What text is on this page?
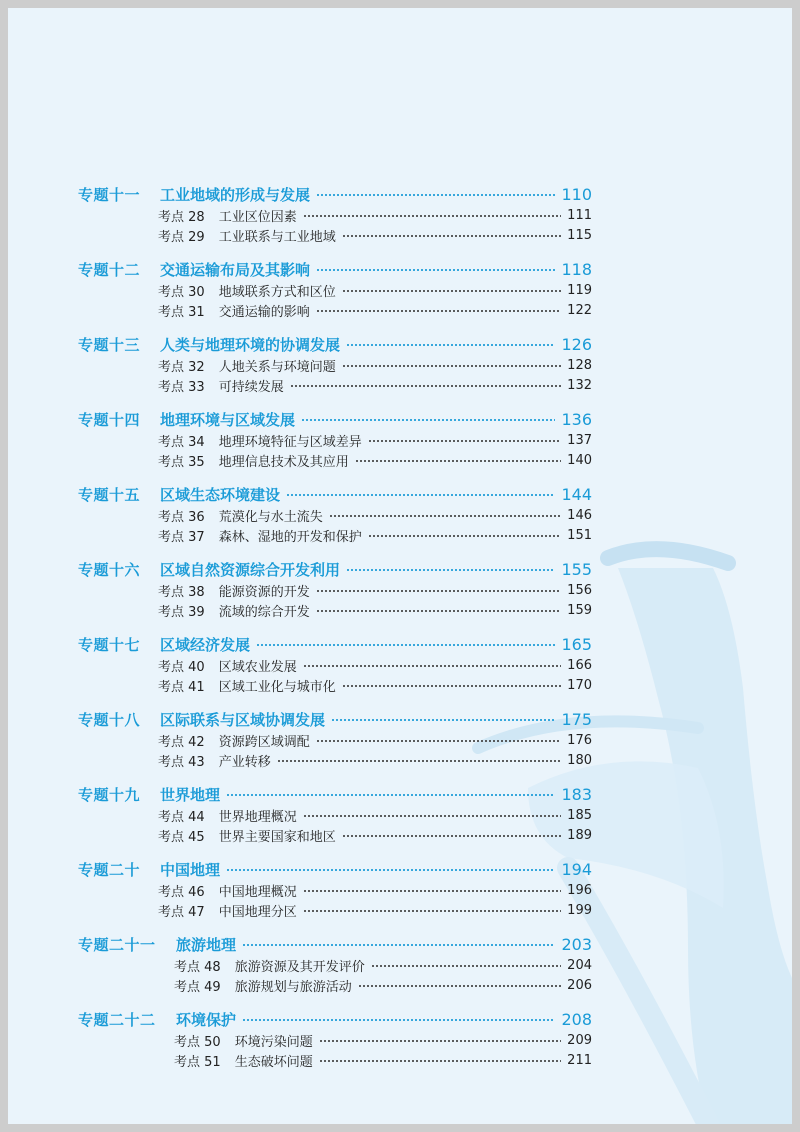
专题十一 工业地域的形成与发展	110
考点 28 工业区位因素	111
考点 29 工业联系与工业地域	115
专题十二 交通运输布局及其影响	118
考点 30 地域联系方式和区位	119
考点 31 交通运输的影响	122
专题十三 人类与地理环境的协调发展	126
考点 32 人地关系与环境问题	128
考点 33 可持续发展	132
专题十四 地理环境与区域发展	136
考点 34 地理环境特征与区域差异	137
考点 35 地理信息技术及其应用	140
专题十五 区域生态环境建设	144
考点 36 荒漠化与水土流失	146
考点 37 森林、湿地的开发和保护	151
专题十六 区域自然资源综合开发利用	155
考点 38 能源资源的开发	156
考点 39 流域的综合开发	159
专题十七 区域经济发展	165
考点 40 区域农业发展	166
考点 41 区域工业化与城市化	170
专题十八 区际联系与区域协调发展	175
考点 42 资源跨区域调配	176
考点 43 产业转移	180
专题十九 世界地理	183
考点 44 世界地理概况	185
考点 45 世界主要国家和地区	189
专题二十 中国地理	194
考点 46 中国地理概况	196
考点 47 中国地理分区	199
专题二十一 旅游地理	203
考点 48 旅游资源及其开发评价	204
考点 49 旅游规划与旅游活动	206
专题二十二 环境保护	208
考点 50 环境污染问题	209
考点 51 生态破坏问题	211
